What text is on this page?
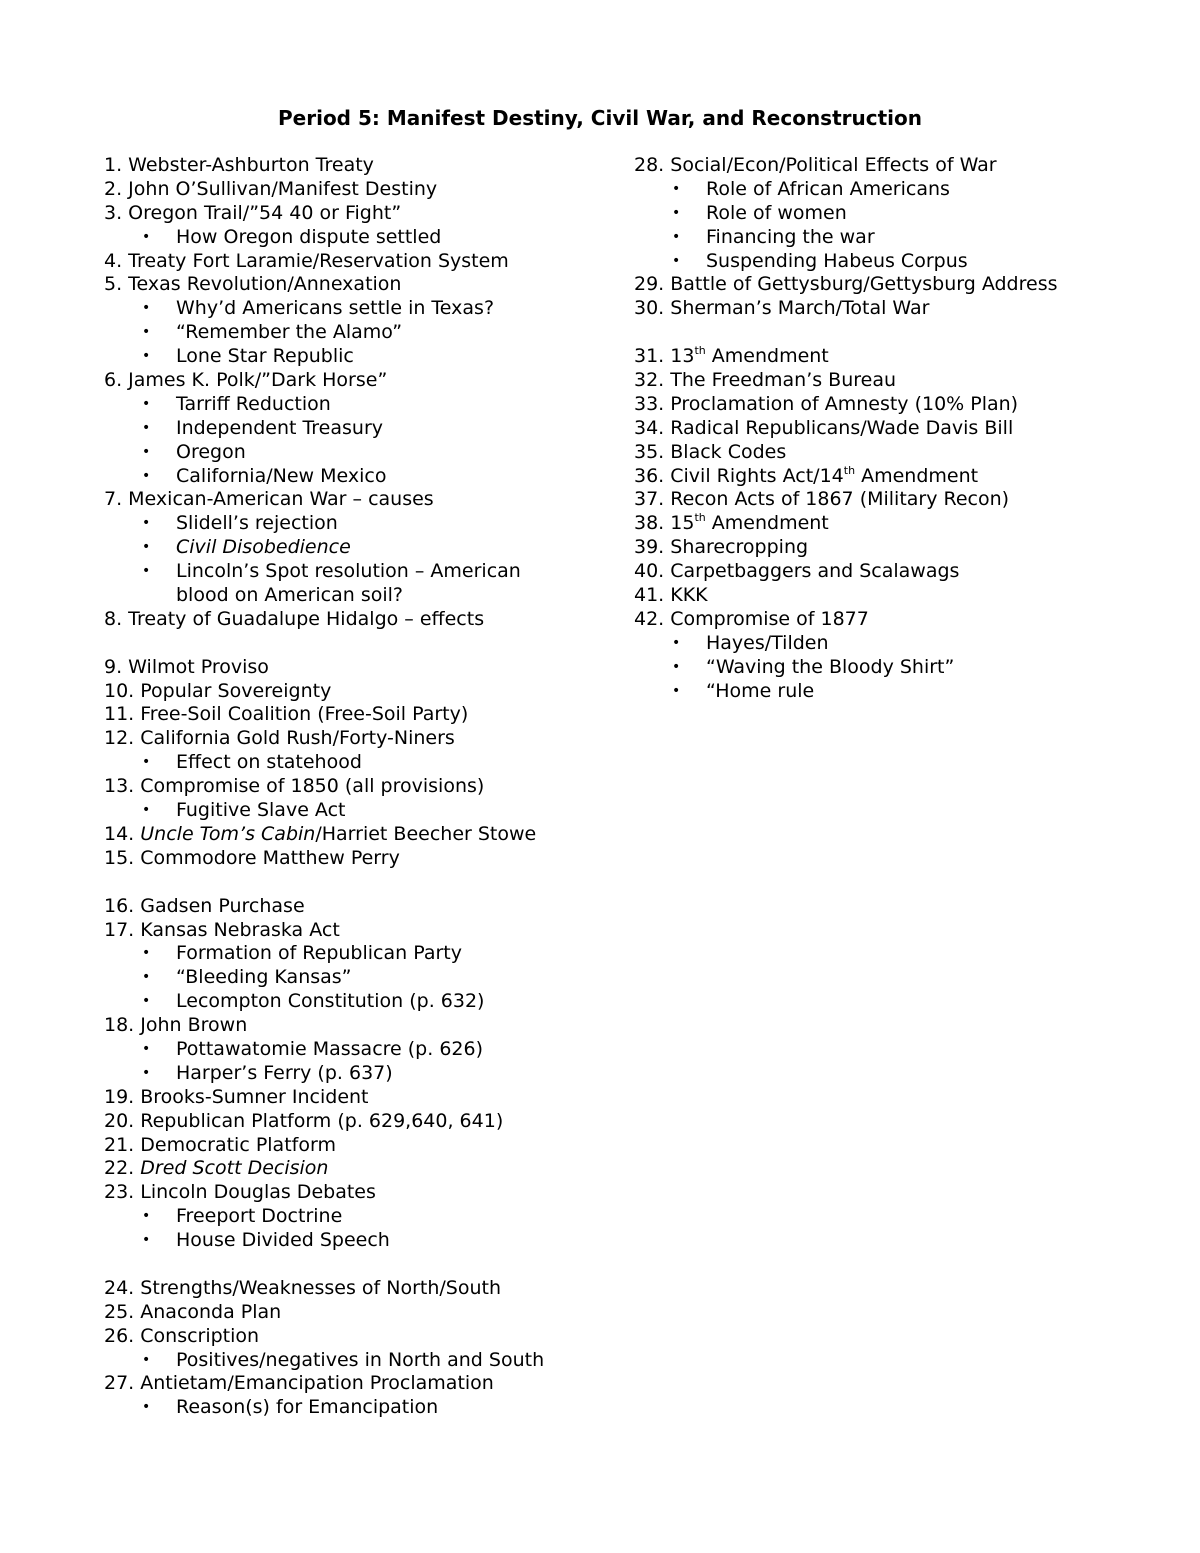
Period 5: Manifest Destiny, Civil War, and Reconstruction
1. Webster-Ashburton Treaty
2. John O’Sullivan/Manifest Destiny
3. Oregon Trail/”54 40 or Fight”
• How Oregon dispute settled
4. Treaty Fort Laramie/Reservation System
5. Texas Revolution/Annexation
• Why’d Americans settle in Texas?
• “Remember the Alamo”
• Lone Star Republic
6. James K. Polk/”Dark Horse”
• Tarriff Reduction
• Independent Treasury
• Oregon
• California/New Mexico
7. Mexican-American War – causes
• Slidell’s rejection
• Civil Disobedience
• Lincoln’s Spot resolution – American
blood on American soil?
8. Treaty of Guadalupe Hidalgo – effects
9. Wilmot Proviso
10. Popular Sovereignty
11. Free-Soil Coalition (Free-Soil Party)
12. California Gold Rush/Forty-Niners
• Effect on statehood
13. Compromise of 1850 (all provisions)
• Fugitive Slave Act
14. Uncle Tom’s Cabin/Harriet Beecher Stowe
15. Commodore Matthew Perry
16. Gadsen Purchase
17. Kansas Nebraska Act
• Formation of Republican Party
• “Bleeding Kansas”
• Lecompton Constitution (p. 632)
18. John Brown
• Pottawatomie Massacre (p. 626)
• Harper’s Ferry (p. 637)
19. Brooks-Sumner Incident
20. Republican Platform (p. 629,640, 641)
21. Democratic Platform
22. Dred Scott Decision
23. Lincoln Douglas Debates
• Freeport Doctrine
• House Divided Speech
24. Strengths/Weaknesses of North/South
25. Anaconda Plan
26. Conscription
• Positives/negatives in North and South
27. Antietam/Emancipation Proclamation
• Reason(s) for Emancipation
28. Social/Econ/Political Effects of War
• Role of African Americans
• Role of women
• Financing the war
• Suspending Habeus Corpus
29. Battle of Gettysburg/Gettysburg Address
30. Sherman’s March/Total War
31. 13th Amendment
32. The Freedman’s Bureau
33. Proclamation of Amnesty (10% Plan)
34. Radical Republicans/Wade Davis Bill
35. Black Codes
36. Civil Rights Act/14th Amendment
37. Recon Acts of 1867 (Military Recon)
38. 15th Amendment
39. Sharecropping
40. Carpetbaggers and Scalawags
41. KKK
42. Compromise of 1877
• Hayes/Tilden
• “Waving the Bloody Shirt”
• “Home rule
